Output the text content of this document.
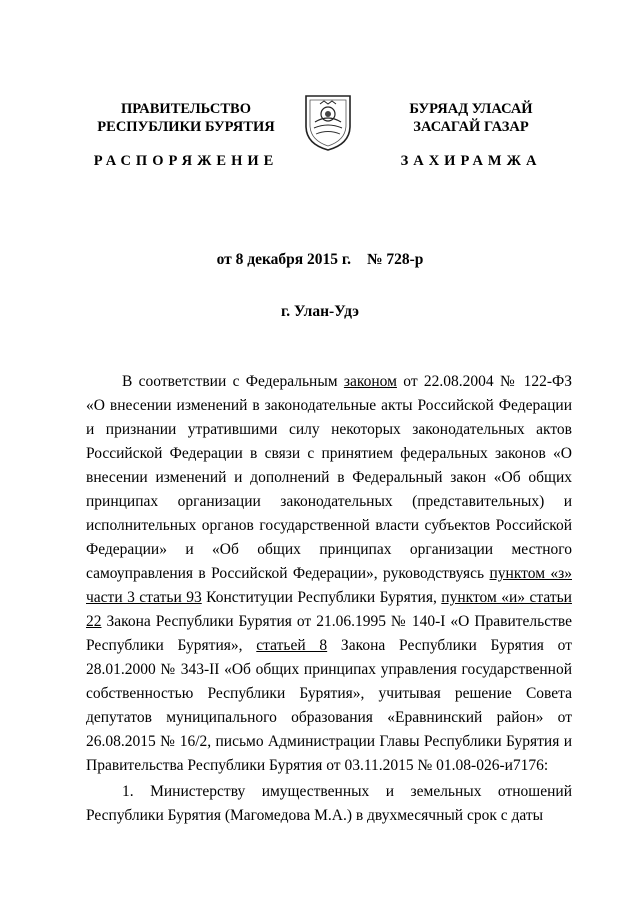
ПРАВИТЕЛЬСТВО
РЕСПУБЛИКИ БУРЯТИЯ
РАСПОРЯЖЕНИЕ
БУРЯАД УЛАСАЙ
ЗАСАГАЙ ГАЗАР
ЗАХИРАМЖА
от 8 декабря 2015 г. № 728-р
г. Улан-Удэ
В соответствии с Федеральным законом от 22.08.2004 № 122-ФЗ «О внесении изменений в законодательные акты Российской Федерации и признании утратившими силу некоторых законодательных актов Российской Федерации в связи с принятием федеральных законов «О внесении изменений и дополнений в Федеральный закон «Об общих принципах организации законодательных (представительных) и исполнительных органов государственной власти субъектов Российской Федерации» и «Об общих принципах организации местного самоуправления в Российской Федерации», руководствуясь пунктом «з» части 3 статьи 93 Конституции Республики Бурятия, пунктом «и» статьи 22 Закона Республики Бурятия от 21.06.1995 № 140-I «О Правительстве Республики Бурятия», статьей 8 Закона Республики Бурятия от 28.01.2000 № 343-II «Об общих принципах управления государственной собственностью Республики Бурятия», учитывая решение Совета депутатов муниципального образования «Еравнинский район» от 26.08.2015 № 16/2, письмо Администрации Главы Республики Бурятия и Правительства Республики Бурятия от 03.11.2015 № 01.08-026-и7176:
1. Министерству имущественных и земельных отношений Республики Бурятия (Магомедова М.А.) в двухмесячный срок с даты
